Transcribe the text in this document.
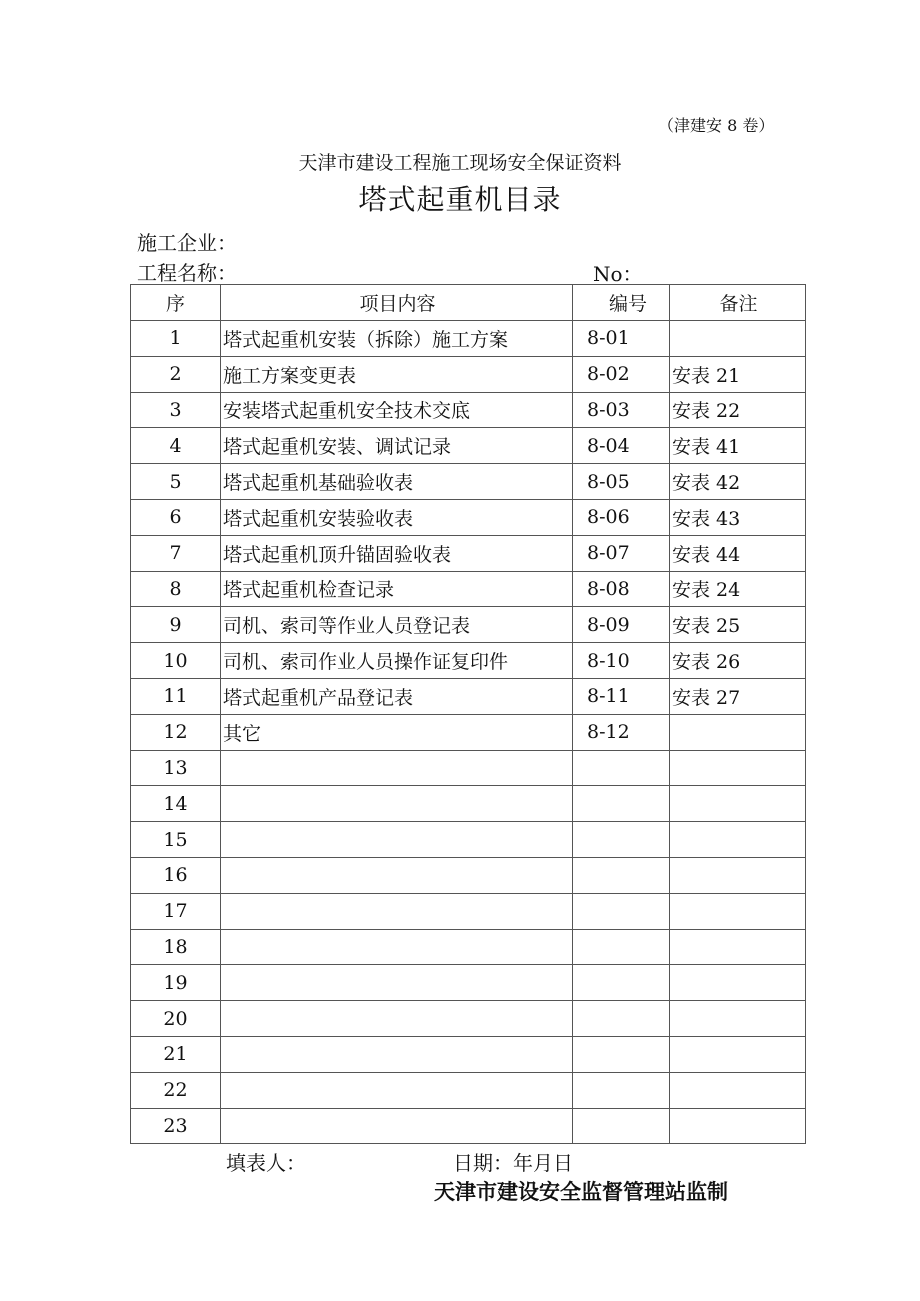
（津建安 8 卷）
天津市建设工程施工现场安全保证资料
塔式起重机目录
施工企业：
工程名称：	No：
序	项目内容	编号	备注
1	塔式起重机安装（拆除）施工方案	8-01	
2	施工方案变更表	8-02	安表 21
3	安装塔式起重机安全技术交底	8-03	安表 22
4	塔式起重机安装、调试记录	8-04	安表 41
5	塔式起重机基础验收表	8-05	安表 42
6	塔式起重机安装验收表	8-06	安表 43
7	塔式起重机顶升锚固验收表	8-07	安表 44
8	塔式起重机检查记录	8-08	安表 24
9	司机、索司等作业人员登记表	8-09	安表 25
10	司机、索司作业人员操作证复印件	8-10	安表 26
11	塔式起重机产品登记表	8-11	安表 27
12	其它	8-12	
13			
14			
15			
16			
17			
18			
19			
20			
21			
22			
23			
填表人：	日期：年月日
天津市建设安全监督管理站监制
